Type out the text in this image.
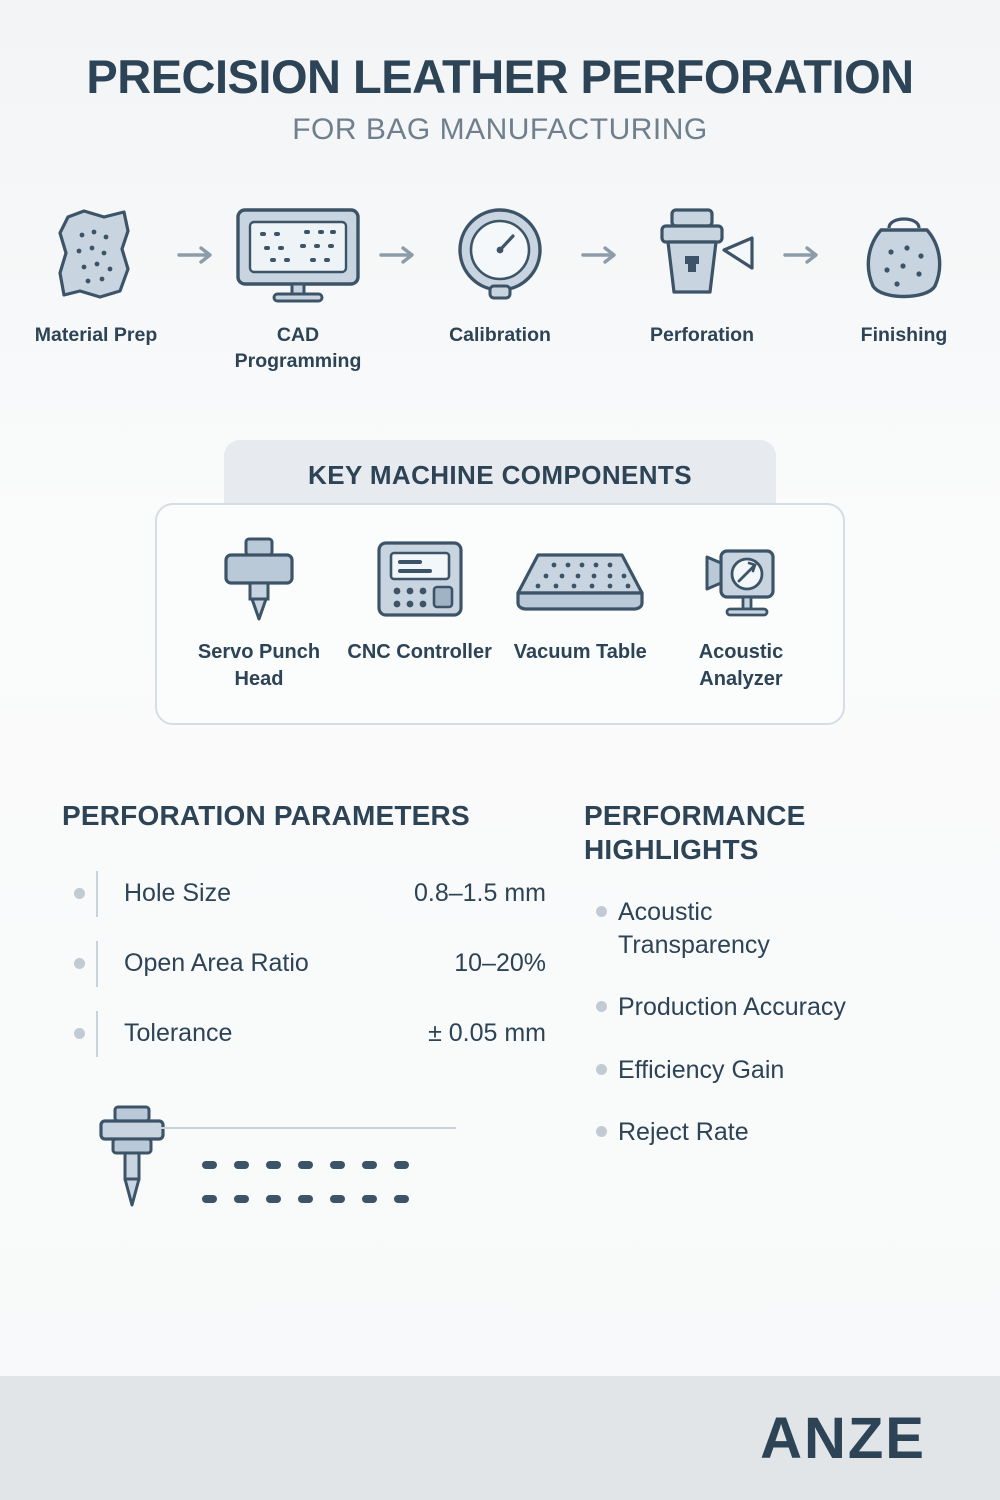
PRECISION LEATHER PERFORATION
FOR BAG MANUFACTURING
Material Prep	CAD Programming
Calibration	Perforation	Finishing
KEY MACHINE COMPONENTS
Servo Punch Head
CNC Controller Vacuum Table	Acoustic Analyzer
PERFORATION PARAMETERS
Hole Size	0.8–1.5 mm
Open Area Ratio	10–20%
Tolerance	± 0.05 mm
PERFORMANCE HIGHLIGHTS
Acoustic Transparency
Production Accuracy
Efficiency Gain
Reject Rate
ANZE
